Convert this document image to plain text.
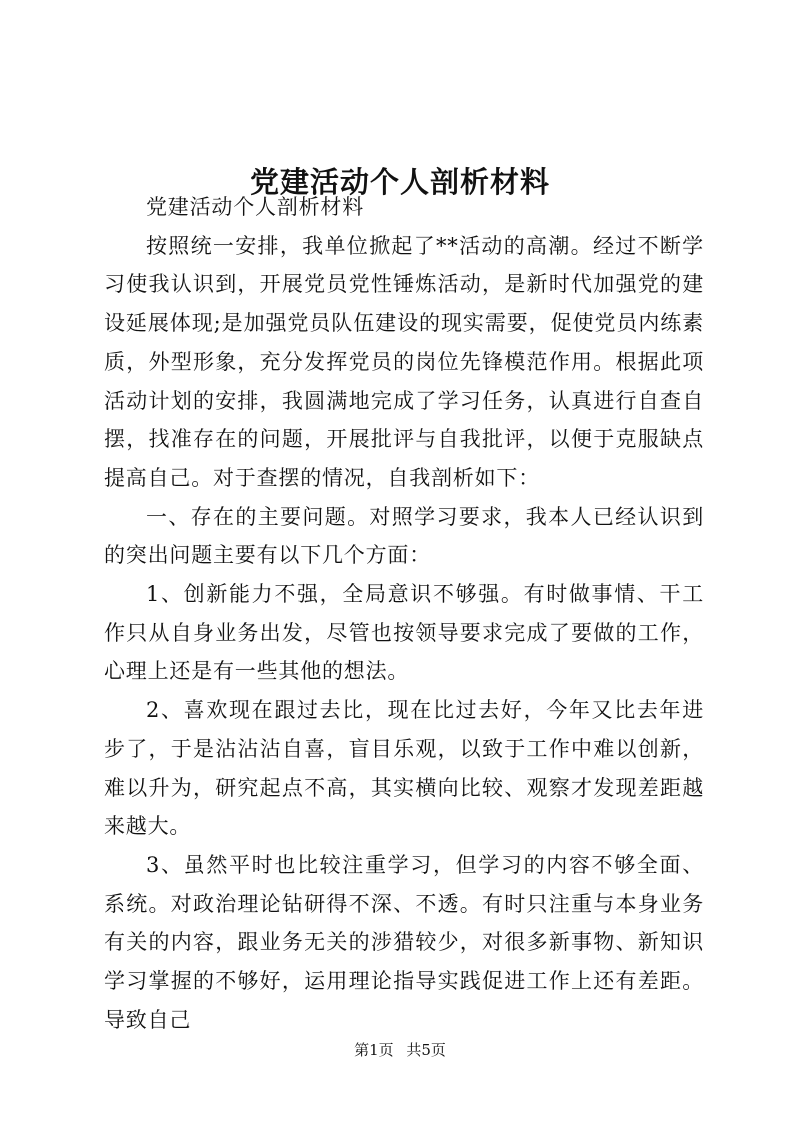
党建活动个人剖析材料

党建活动个人剖析材料

按照统一安排，我单位掀起了**活动的高潮。经过不断学习使我认识到，开展党员党性锤炼活动，是新时代加强党的建设延展体现;是加强党员队伍建设的现实需要，促使党员内练素质，外型形象，充分发挥党员的岗位先锋模范作用。根据此项活动计划的安排，我圆满地完成了学习任务，认真进行自查自摆，找准存在的问题，开展批评与自我批评，以便于克服缺点提高自己。对于查摆的情况，自我剖析如下：

一、存在的主要问题。对照学习要求，我本人已经认识到的突出问题主要有以下几个方面：

1、创新能力不强，全局意识不够强。有时做事情、干工作只从自身业务出发，尽管也按领导要求完成了要做的工作，心理上还是有一些其他的想法。

2、喜欢现在跟过去比，现在比过去好，今年又比去年进步了，于是沾沾沾自喜，盲目乐观，以致于工作中难以创新，难以升为，研究起点不高，其实横向比较、观察才发现差距越来越大。

3、虽然平时也比较注重学习，但学习的内容不够全面、系统。对政治理论钻研得不深、不透。有时只注重与本身业务有关的内容，跟业务无关的涉猎较少，对很多新事物、新知识学习掌握的不够好，运用理论指导实践促进工作上还有差距。导致自己

第1页 共5页
